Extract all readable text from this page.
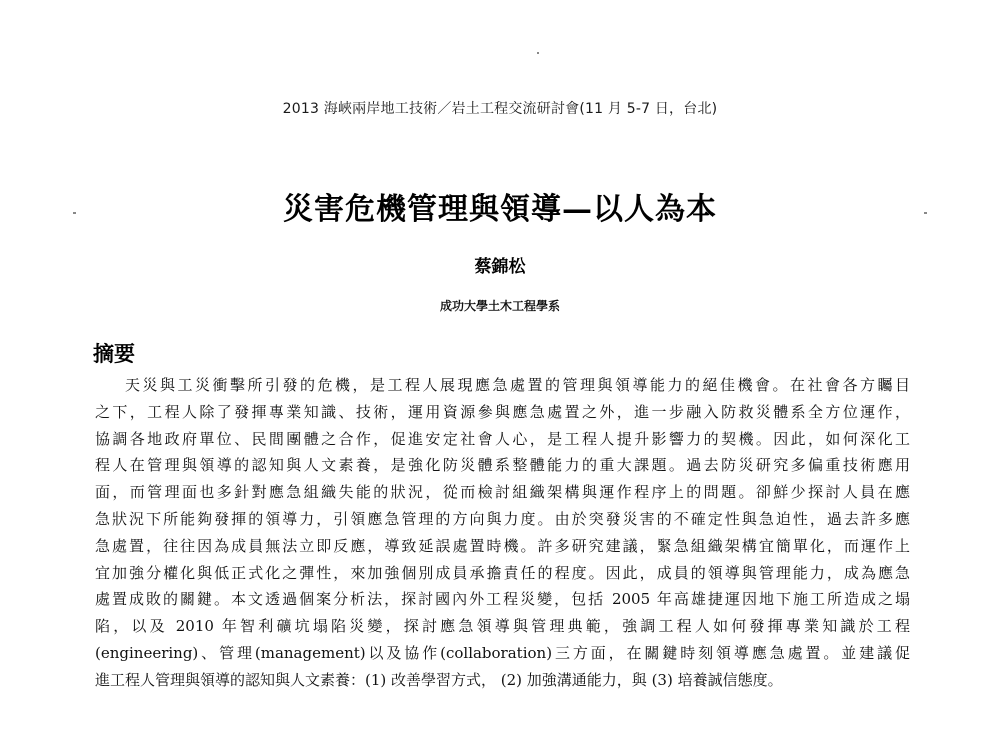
2013 海峽兩岸地工技術／岩土工程交流研討會(11 月 5-7 日，台北)
災害危機管理與領導—以人為本
蔡錦松
成功大學土木工程學系
摘要
天災與工災衝擊所引發的危機，是工程人展現應急處置的管理與領導能力的絕佳機會。在社會各方矚目
之下，工程人除了發揮專業知識、技術，運用資源參與應急處置之外，進一步融入防救災體系全方位運作，
協調各地政府單位、民間團體之合作，促進安定社會人心，是工程人提升影響力的契機。因此，如何深化工
程人在管理與領導的認知與人文素養，是強化防災體系整體能力的重大課題。過去防災研究多偏重技術應用
面，而管理面也多針對應急組織失能的狀況，從而檢討組織架構與運作程序上的問題。卻鮮少探討人員在應
急狀況下所能夠發揮的領導力，引領應急管理的方向與力度。由於突發災害的不確定性與急迫性，過去許多應
急處置，往往因為成員無法立即反應，導致延誤處置時機。許多研究建議，緊急組織架構宜簡單化，而運作上
宜加強分權化與低正式化之彈性，來加強個別成員承擔責任的程度。因此，成員的領導與管理能力，成為應急
處置成敗的關鍵。本文透過個案分析法，探討國內外工程災變，包括 2005 年高雄捷運因地下施工所造成之塌
陷，以及 2010 年智利礦坑塌陷災變，探討應急領導與管理典範，強調工程人如何發揮專業知識於工程
(engineering)、管理(management)以及協作(collaboration)三方面，在關鍵時刻領導應急處置。並建議促
進工程人管理與領導的認知與人文素養：(1) 改善學習方式， (2) 加強溝通能力，與 (3) 培養誠信態度。
